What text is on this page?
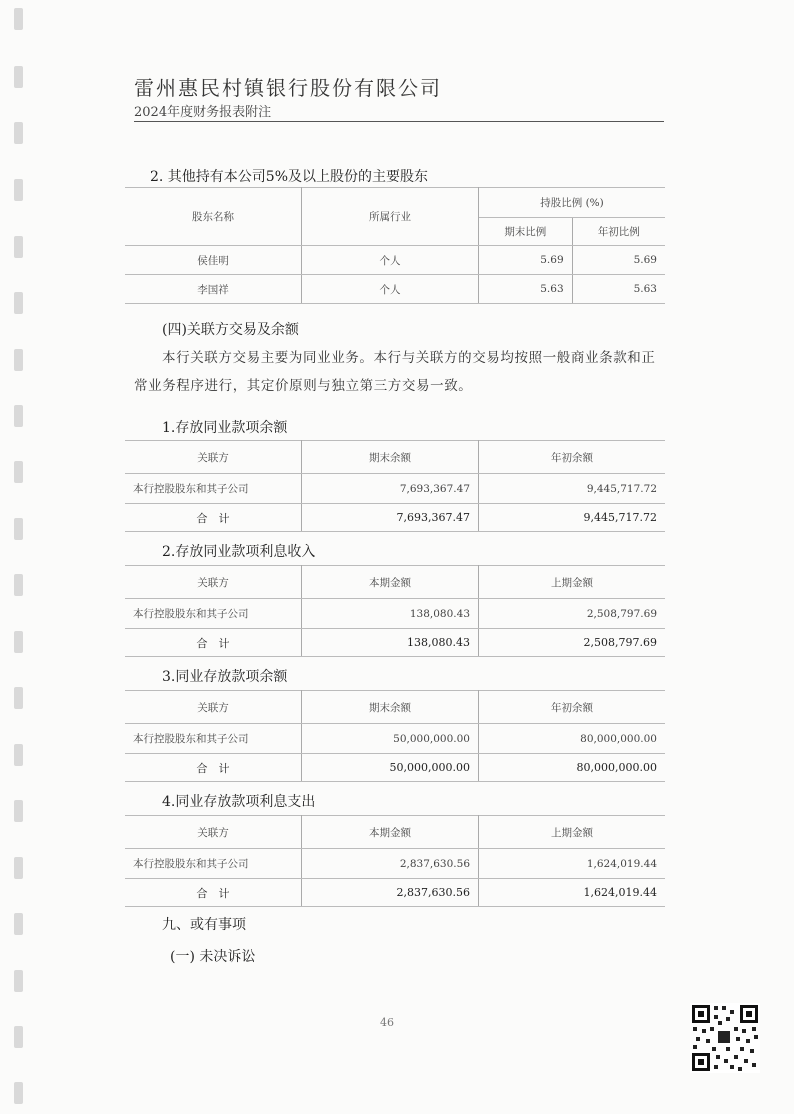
雷州惠民村镇银行股份有限公司
2024年度财务报表附注
2. 其他持有本公司5%及以上股份的主要股东
股东名称	所属行业	持股比例 (%)	
		期末比例	年初比例
侯佳明	个人	5.69	5.69
李国祥	个人	5.63	5.63
(四)关联方交易及余额
本行关联方交易主要为同业业务。本行与关联方的交易均按照一般商业条款和正常业务程序进行，其定价原则与独立第三方交易一致。
1.存放同业款项余额
关联方	期末余额	年初余额
本行控股股东和其子公司	7,693,367.47	9,445,717.72
合　计	7,693,367.47	9,445,717.72
2.存放同业款项利息收入
关联方	本期金额	上期金额
本行控股股东和其子公司	138,080.43	2,508,797.69
合　计	138,080.43	2,508,797.69
3.同业存放款项余额
关联方	期末余额	年初余额
本行控股股东和其子公司	50,000,000.00	80,000,000.00
合　计	50,000,000.00	80,000,000.00
4.同业存放款项利息支出
关联方	本期金额	上期金额
本行控股股东和其子公司	2,837,630.56	1,624,019.44
合　计	2,837,630.56	1,624,019.44
九、或有事项
(一) 未决诉讼
46
